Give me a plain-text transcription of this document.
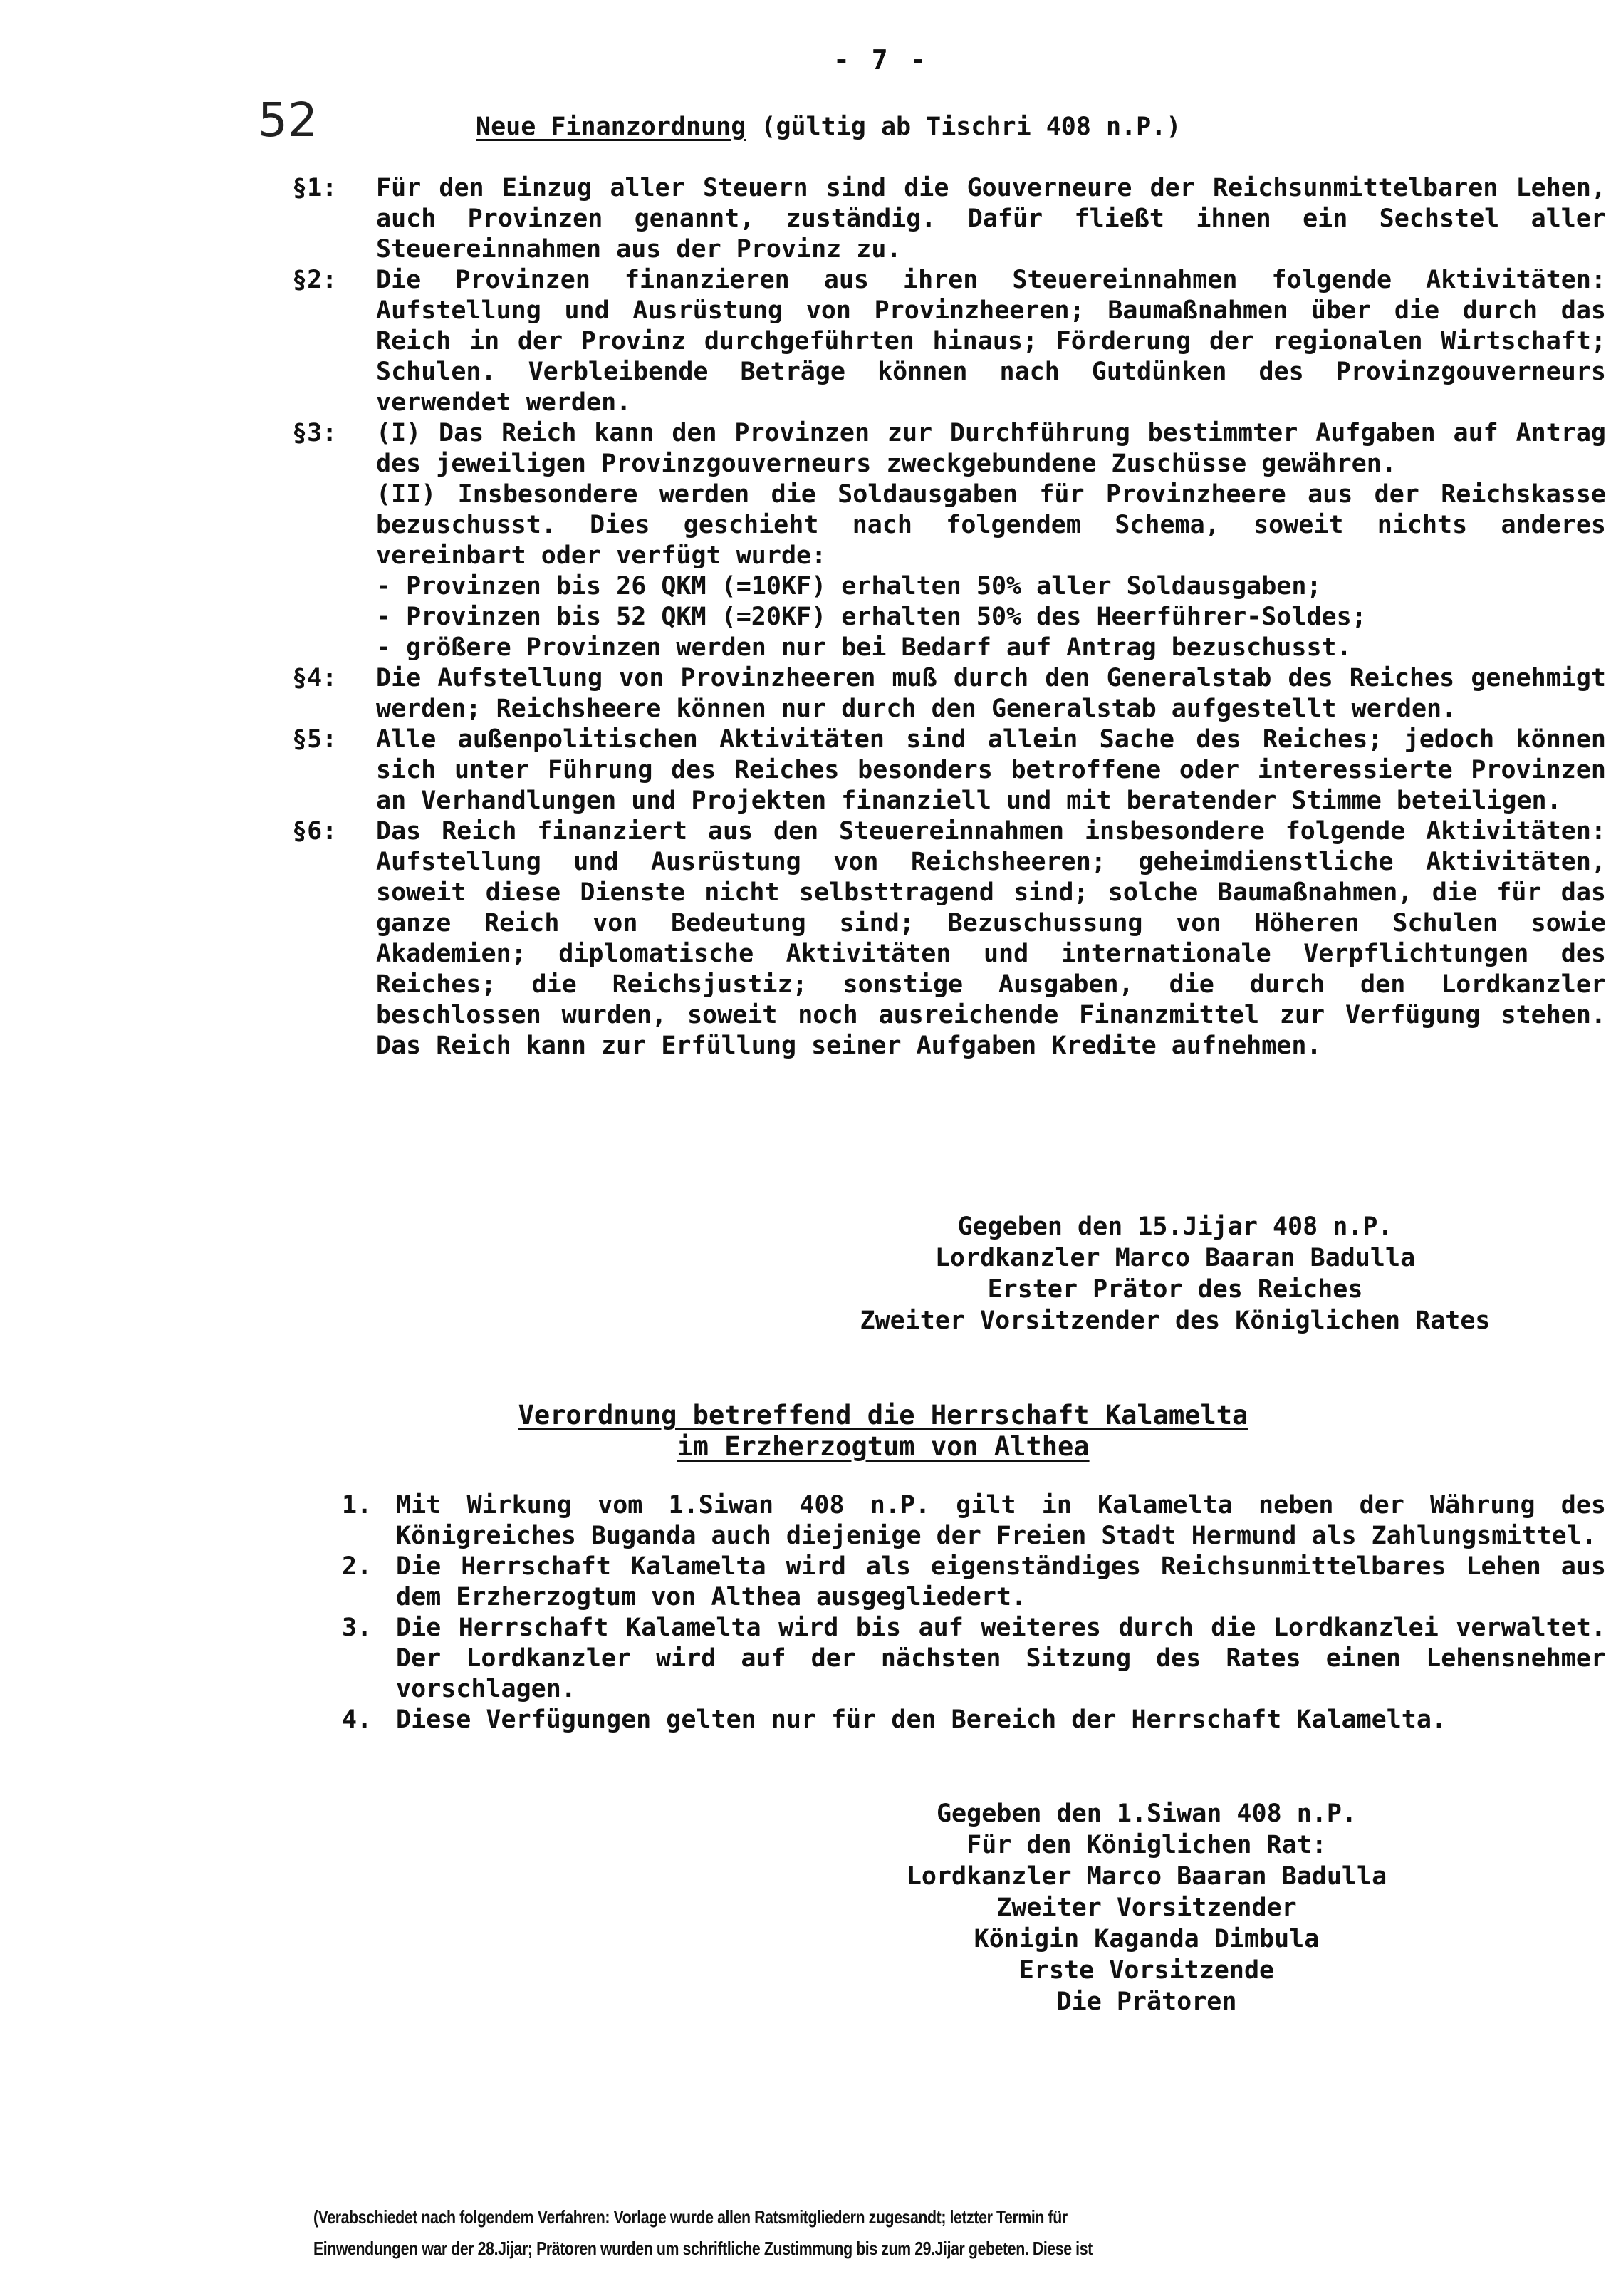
- 7 -
52	Neue Finanzordnung (gültig ab Tischri 408 n.P.)
§1: Für den Einzug aller Steuern sind die Gouverneure der Reichsunmittelbaren Lehen, auch Provinzen genannt, zuständig. Dafür fließt ihnen ein Sechstel aller Steuereinnahmen aus der Provinz zu.
§2: Die Provinzen finanzieren aus ihren Steuereinnahmen folgende Aktivitäten: Aufstellung und Ausrüstung von Provinzheeren; Baumaßnahmen über die durch das Reich in der Provinz durchgeführten hinaus; Förderung der regionalen Wirtschaft; Schulen. Verbleibende Beträge können nach Gutdünken des Provinzgouverneurs verwendet werden.
§3: (I) Das Reich kann den Provinzen zur Durchführung bestimmter Aufgaben auf Antrag des jeweiligen Provinzgouverneurs zweckgebundene Zuschüsse gewähren.
(II) Insbesondere werden die Soldausgaben für Provinzheere aus der Reichskasse bezuschusst. Dies geschieht nach folgendem Schema, soweit nichts anderes vereinbart oder verfügt wurde:
- Provinzen bis 26 QKM (=10KF) erhalten 50% aller Soldausgaben;
- Provinzen bis 52 QKM (=20KF) erhalten 50% des Heerführer-Soldes;
- größere Provinzen werden nur bei Bedarf auf Antrag bezuschusst.
§4: Die Aufstellung von Provinzheeren muß durch den Generalstab des Reiches genehmigt werden; Reichsheere können nur durch den Generalstab aufgestellt werden.
§5: Alle außenpolitischen Aktivitäten sind allein Sache des Reiches; jedoch können sich unter Führung des Reiches besonders betroffene oder interessierte Provinzen an Verhandlungen und Projekten finanziell und mit beratender Stimme beteiligen.
§6: Das Reich finanziert aus den Steuereinnahmen insbesondere folgende Aktivitäten: Aufstellung und Ausrüstung von Reichsheeren; geheimdienstliche Aktivitäten, soweit diese Dienste nicht selbsttragend sind; solche Baumaßnahmen, die für das ganze Reich von Bedeutung sind; Bezuschussung von Höheren Schulen sowie Akademien; diplomatische Aktivitäten und internationale Verpflichtungen des Reiches; die Reichsjustiz; sonstige Ausgaben, die durch den Lordkanzler beschlossen wurden, soweit noch ausreichende Finanzmittel zur Verfügung stehen. Das Reich kann zur Erfüllung seiner Aufgaben Kredite aufnehmen.
Gegeben den 15.Jijar 408 n.P.
Lordkanzler Marco Baaran Badulla
Erster Prätor des Reiches
Zweiter Vorsitzender des Königlichen Rates
Verordnung betreffend die Herrschaft Kalamelta
im Erzherzogtum von Althea
1. Mit Wirkung vom 1.Siwan 408 n.P. gilt in Kalamelta neben der Währung des Königreiches Buganda auch diejenige der Freien Stadt Hermund als Zahlungsmittel.
2. Die Herrschaft Kalamelta wird als eigenständiges Reichsunmittelbares Lehen aus dem Erzherzogtum von Althea ausgegliedert.
3. Die Herrschaft Kalamelta wird bis auf weiteres durch die Lordkanzlei verwaltet. Der Lordkanzler wird auf der nächsten Sitzung des Rates einen Lehensnehmer vorschlagen.
4. Diese Verfügungen gelten nur für den Bereich der Herrschaft Kalamelta.
Gegeben den 1.Siwan 408 n.P.
Für den Königlichen Rat:
Lordkanzler Marco Baaran Badulla
Zweiter Vorsitzender
Königin Kaganda Dimbula
Erste Vorsitzende
Die Prätoren
(Verabschiedet nach folgendem Verfahren: Vorlage wurde allen Ratsmitgliedern zugesandt; letzter Termin für
Einwendungen war der 28.Jijar; Prätoren wurden um schriftliche Zustimmung bis zum 29.Jijar gebeten. Diese ist
